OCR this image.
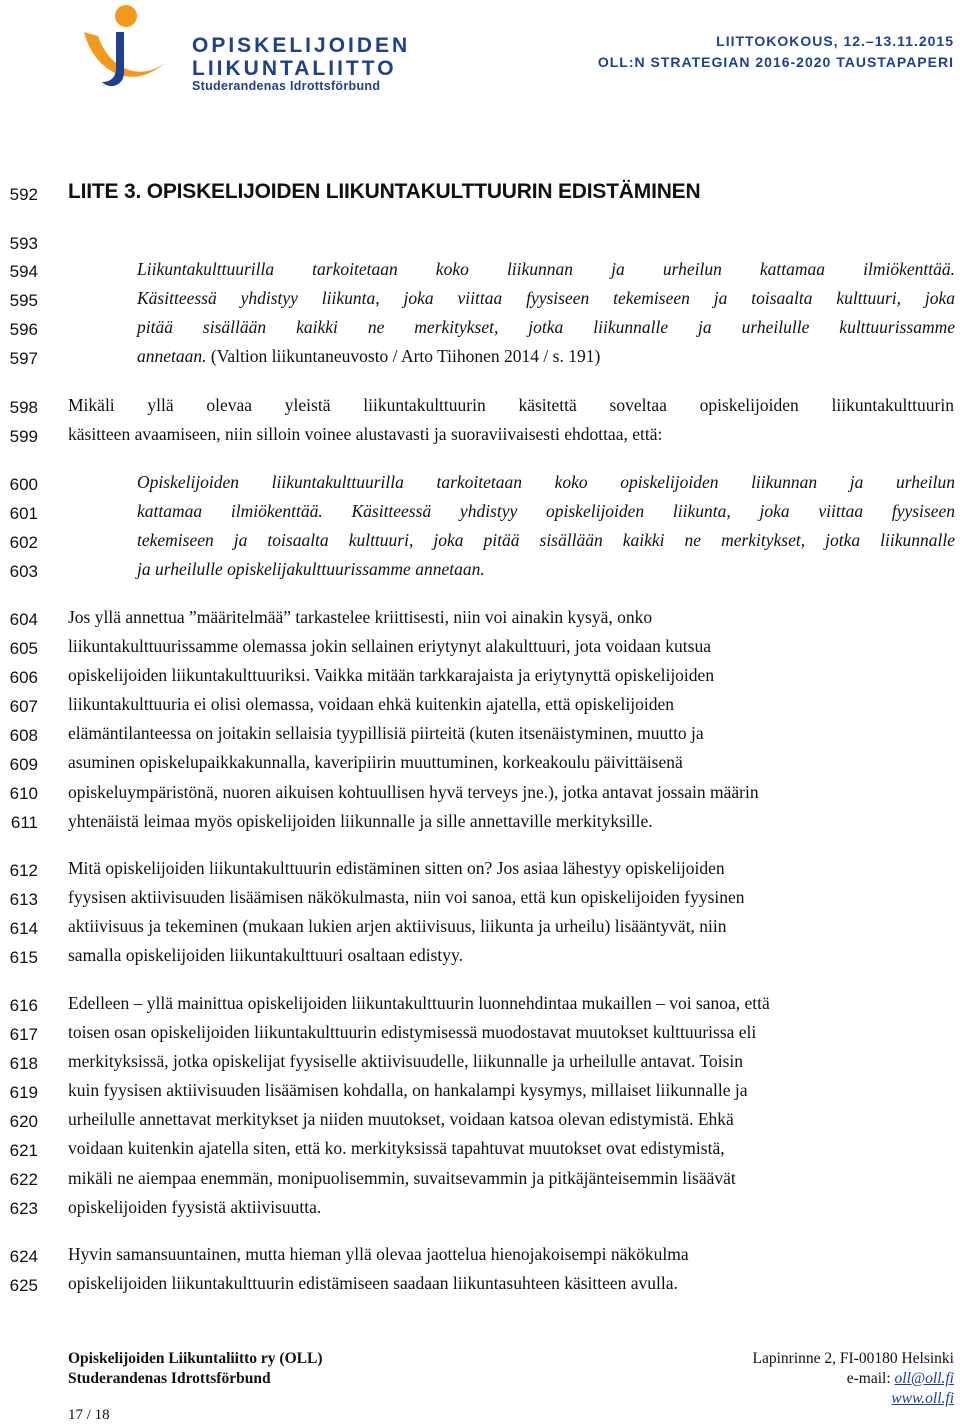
OPISKELIJOIDEN
LIIKUNTALIITTO
Studerandenas Idrottsförbund
LIITTOKOKOUS, 12.–13.11.2015
OLL:N STRATEGIAN 2016-2020 TAUSTAPAPERI
592
593
594
595
596
597
598
599
600
601
602
603
604
605
606
607
608
609
610
611
612
613
614
615
616
617
618
619
620
621
622
623
624
625
LIITE 3. OPISKELIJOIDEN LIIKUNTAKULTTUURIN EDISTÄMINEN
Liikuntakulttuurilla tarkoitetaan koko liikunnan ja urheilun kattamaa ilmiökenttää.
Käsitteessä yhdistyy liikunta, joka viittaa fyysiseen tekemiseen ja toisaalta kulttuuri, joka
pitää sisällään kaikki ne merkitykset, jotka liikunnalle ja urheilulle kulttuurissamme
annetaan. (Valtion liikuntaneuvosto / Arto Tiihonen 2014 / s. 191)
Mikäli yllä olevaa yleistä liikuntakulttuurin käsitettä soveltaa opiskelijoiden liikuntakulttuurin
käsitteen avaamiseen, niin silloin voinee alustavasti ja suoraviivaisesti ehdottaa, että:
Opiskelijoiden liikuntakulttuurilla tarkoitetaan koko opiskelijoiden liikunnan ja urheilun
kattamaa ilmiökenttää. Käsitteessä yhdistyy opiskelijoiden liikunta, joka viittaa fyysiseen
tekemiseen ja toisaalta kulttuuri, joka pitää sisällään kaikki ne merkitykset, jotka liikunnalle
ja urheilulle opiskelijakulttuurissamme annetaan.
Jos yllä annettua ”määritelmää” tarkastelee kriittisesti, niin voi ainakin kysyä, onko
liikuntakulttuurissamme olemassa jokin sellainen eriytynyt alakulttuuri, jota voidaan kutsua
opiskelijoiden liikuntakulttuuriksi. Vaikka mitään tarkkarajaista ja eriytynyttä opiskelijoiden
liikuntakulttuuria ei olisi olemassa, voidaan ehkä kuitenkin ajatella, että opiskelijoiden
elämäntilanteessa on joitakin sellaisia tyypillisiä piirteitä (kuten itsenäistyminen, muutto ja
asuminen opiskelupaikkakunnalla, kaveripiirin muuttuminen, korkeakoulu päivittäisenä
opiskeluympäristönä, nuoren aikuisen kohtuullisen hyvä terveys jne.), jotka antavat jossain määrin
yhtenäistä leimaa myös opiskelijoiden liikunnalle ja sille annettaville merkityksille.
Mitä opiskelijoiden liikuntakulttuurin edistäminen sitten on? Jos asiaa lähestyy opiskelijoiden
fyysisen aktiivisuuden lisäämisen näkökulmasta, niin voi sanoa, että kun opiskelijoiden fyysinen
aktiivisuus ja tekeminen (mukaan lukien arjen aktiivisuus, liikunta ja urheilu) lisääntyvät, niin
samalla opiskelijoiden liikuntakulttuuri osaltaan edistyy.
Edelleen – yllä mainittua opiskelijoiden liikuntakulttuurin luonnehdintaa mukaillen – voi sanoa, että
toisen osan opiskelijoiden liikuntakulttuurin edistymisessä muodostavat muutokset kulttuurissa eli
merkityksissä, jotka opiskelijat fyysiselle aktiivisuudelle, liikunnalle ja urheilulle antavat. Toisin
kuin fyysisen aktiivisuuden lisäämisen kohdalla, on hankalampi kysymys, millaiset liikunnalle ja
urheilulle annettavat merkitykset ja niiden muutokset, voidaan katsoa olevan edistymistä. Ehkä
voidaan kuitenkin ajatella siten, että ko. merkityksissä tapahtuvat muutokset ovat edistymistä,
mikäli ne aiempaa enemmän, monipuolisemmin, suvaitsevammin ja pitkäjänteisemmin lisäävät
opiskelijoiden fyysistä aktiivisuutta.
Hyvin samansuuntainen, mutta hieman yllä olevaa jaottelua hienojakoisempi näkökulma
opiskelijoiden liikuntakulttuurin edistämiseen saadaan liikuntasuhteen käsitteen avulla.
Opiskelijoiden Liikuntaliitto ry (OLL)
Studerandenas Idrottsförbund
Lapinrinne 2, FI-00180 Helsinki
e-mail: oll@oll.fi
www.oll.fi
17 / 18
